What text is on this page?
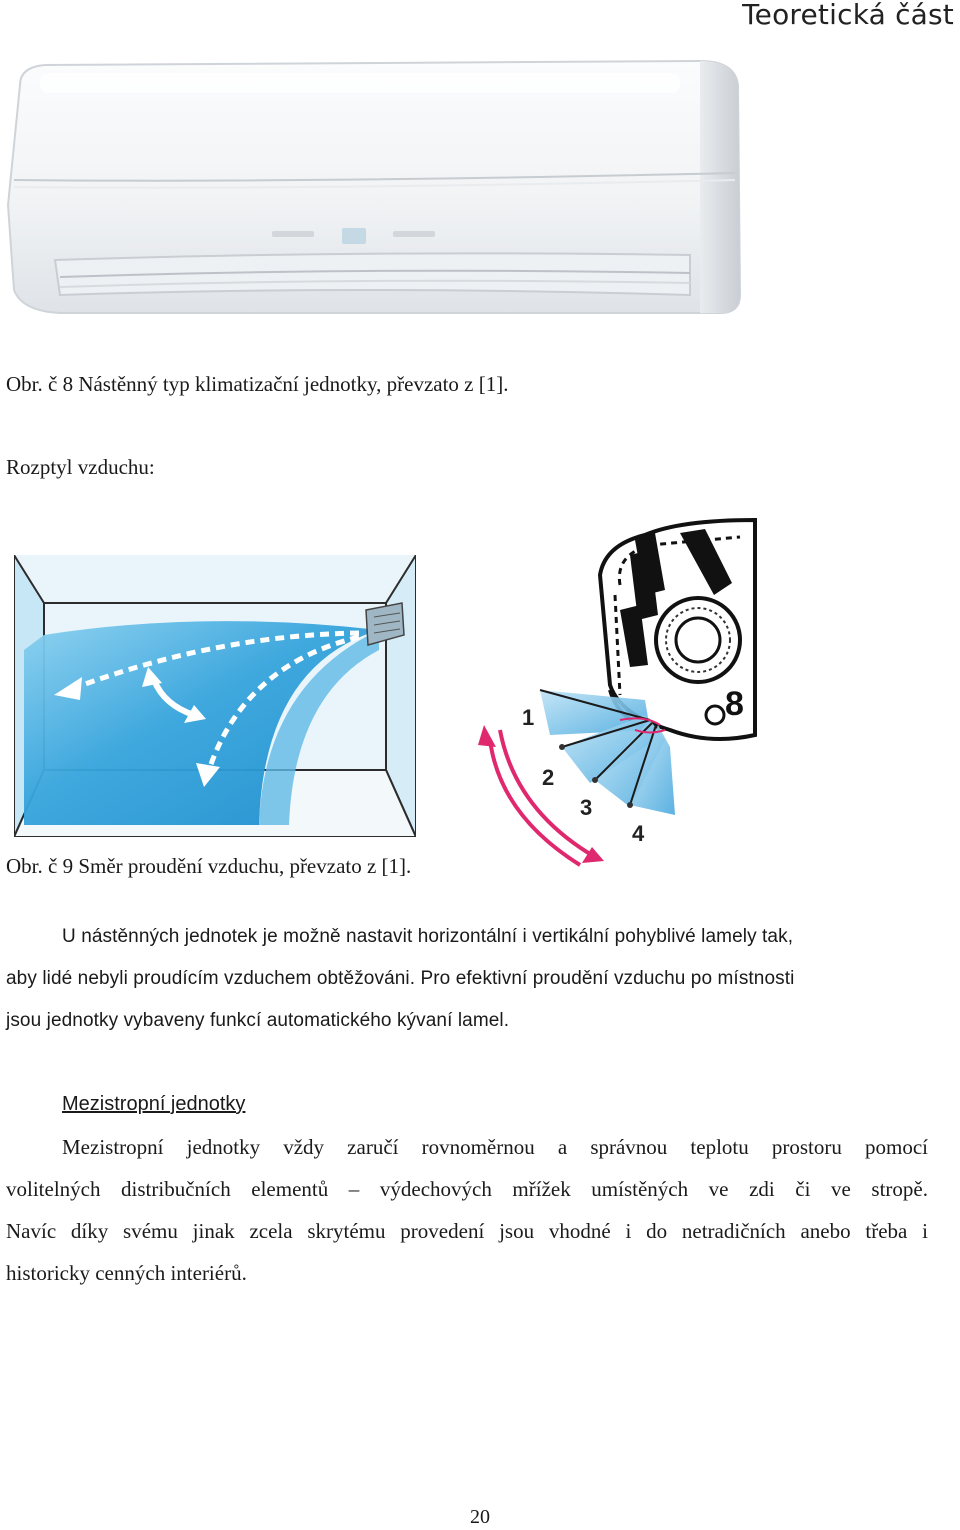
Teoretická část
Obr. č 8 Nástěnný typ klimatizační jednotky, převzato z [1].
Rozptyl vzduchu:
8
1
2
3
4
Obr. č 9 Směr proudění vzduchu, převzato z [1].
U nástěnných jednotek je možně nastavit horizontální i vertikální pohyblivé lamely tak,
aby lidé nebyli proudícím vzduchem obtěžováni. Pro efektivní proudění vzduchu po místnosti
jsou jednotky vybaveny funkcí automatického kývaní lamel.
Mezistropní jednotky
Mezistropní jednotky vždy zaručí rovnoměrnou a správnou teplotu prostoru pomocí
volitelných distribučních elementů – výdechových mřížek umístěných ve zdi či ve stropě.
Navíc díky svému jinak zcela skrytému provedení jsou vhodné i do netradičních anebo třeba i
historicky cenných interiérů.
20
